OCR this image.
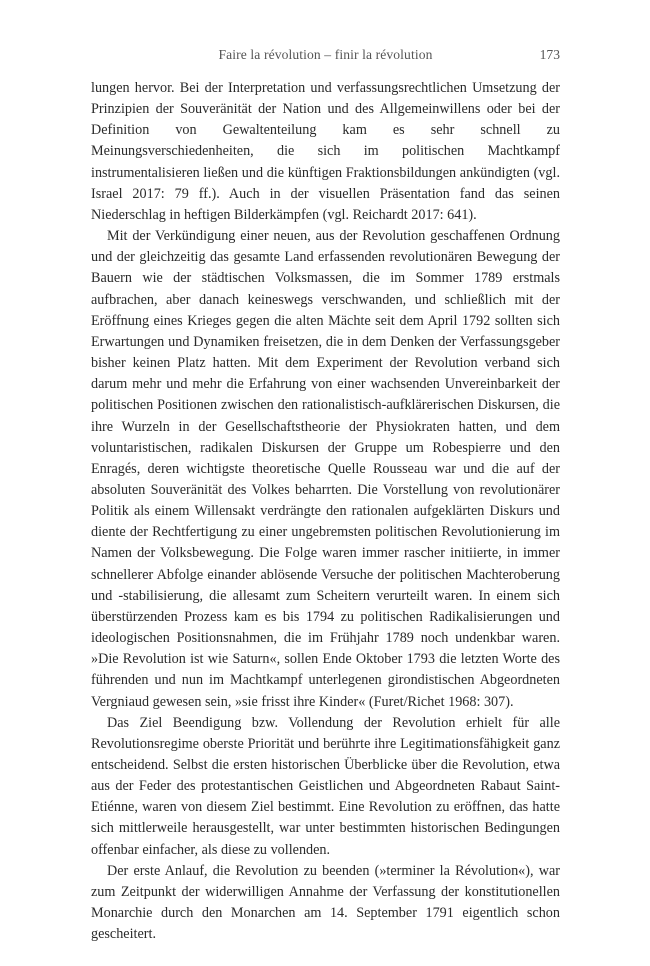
Faire la révolution – finir la révolution	173

lungen hervor. Bei der Interpretation und verfassungsrechtlichen Umsetzung der Prinzipien der Souveränität der Nation und des Allgemeinwillens oder bei der Definition von Gewaltenteilung kam es sehr schnell zu Meinungsverschiedenheiten, die sich im politischen Machtkampf instrumentalisieren ließen und die künftigen Fraktionsbildungen ankündigten (vgl. Israel 2017: 79 ff.). Auch in der visuellen Präsentation fand das seinen Niederschlag in heftigen Bilderkämpfen (vgl. Reichardt 2017: 641).

Mit der Verkündigung einer neuen, aus der Revolution geschaffenen Ordnung und der gleichzeitig das gesamte Land erfassenden revolutionären Bewegung der Bauern wie der städtischen Volksmassen, die im Sommer 1789 erstmals aufbrachen, aber danach keineswegs verschwanden, und schließlich mit der Eröffnung eines Krieges gegen die alten Mächte seit dem April 1792 sollten sich Erwartungen und Dynamiken freisetzen, die in dem Denken der Verfassungsgeber bisher keinen Platz hatten. Mit dem Experiment der Revolution verband sich darum mehr und mehr die Erfahrung von einer wachsenden Unvereinbarkeit der politischen Positionen zwischen den rationalistisch-aufklärerischen Diskursen, die ihre Wurzeln in der Gesellschaftstheorie der Physiokraten hatten, und dem voluntaristischen, radikalen Diskursen der Gruppe um Robespierre und den Enragés, deren wichtigste theoretische Quelle Rousseau war und die auf der absoluten Souveränität des Volkes beharrten. Die Vorstellung von revolutionärer Politik als einem Willensakt verdrängte den rationalen aufgeklärten Diskurs und diente der Rechtfertigung zu einer ungebremsten politischen Revolutionierung im Namen der Volksbewegung. Die Folge waren immer rascher initiierte, in immer schnellerer Abfolge einander ablösende Versuche der politischen Machteroberung und -stabilisierung, die allesamt zum Scheitern verurteilt waren. In einem sich überstürzenden Prozess kam es bis 1794 zu politischen Radikalisierungen und ideologischen Positionsnahmen, die im Frühjahr 1789 noch undenkbar waren. »Die Revolution ist wie Saturn«, sollen Ende Oktober 1793 die letzten Worte des führenden und nun im Machtkampf unterlegenen girondistischen Abgeordneten Vergniaud gewesen sein, »sie frisst ihre Kinder« (Furet/Richet 1968: 307).

Das Ziel Beendigung bzw. Vollendung der Revolution erhielt für alle Revolutionsregime oberste Priorität und berührte ihre Legitimationsfähigkeit ganz entscheidend. Selbst die ersten historischen Überblicke über die Revolution, etwa aus der Feder des protestantischen Geistlichen und Abgeordneten Rabaut Saint-Etiénne, waren von diesem Ziel bestimmt. Eine Revolution zu eröffnen, das hatte sich mittlerweile herausgestellt, war unter bestimmten historischen Bedingungen offenbar einfacher, als diese zu vollenden.

Der erste Anlauf, die Revolution zu beenden (»terminer la Révolution«), war zum Zeitpunkt der widerwilligen Annahme der Verfassung der konstitutionellen Monarchie durch den Monarchen am 14. September 1791 eigentlich schon gescheitert.
